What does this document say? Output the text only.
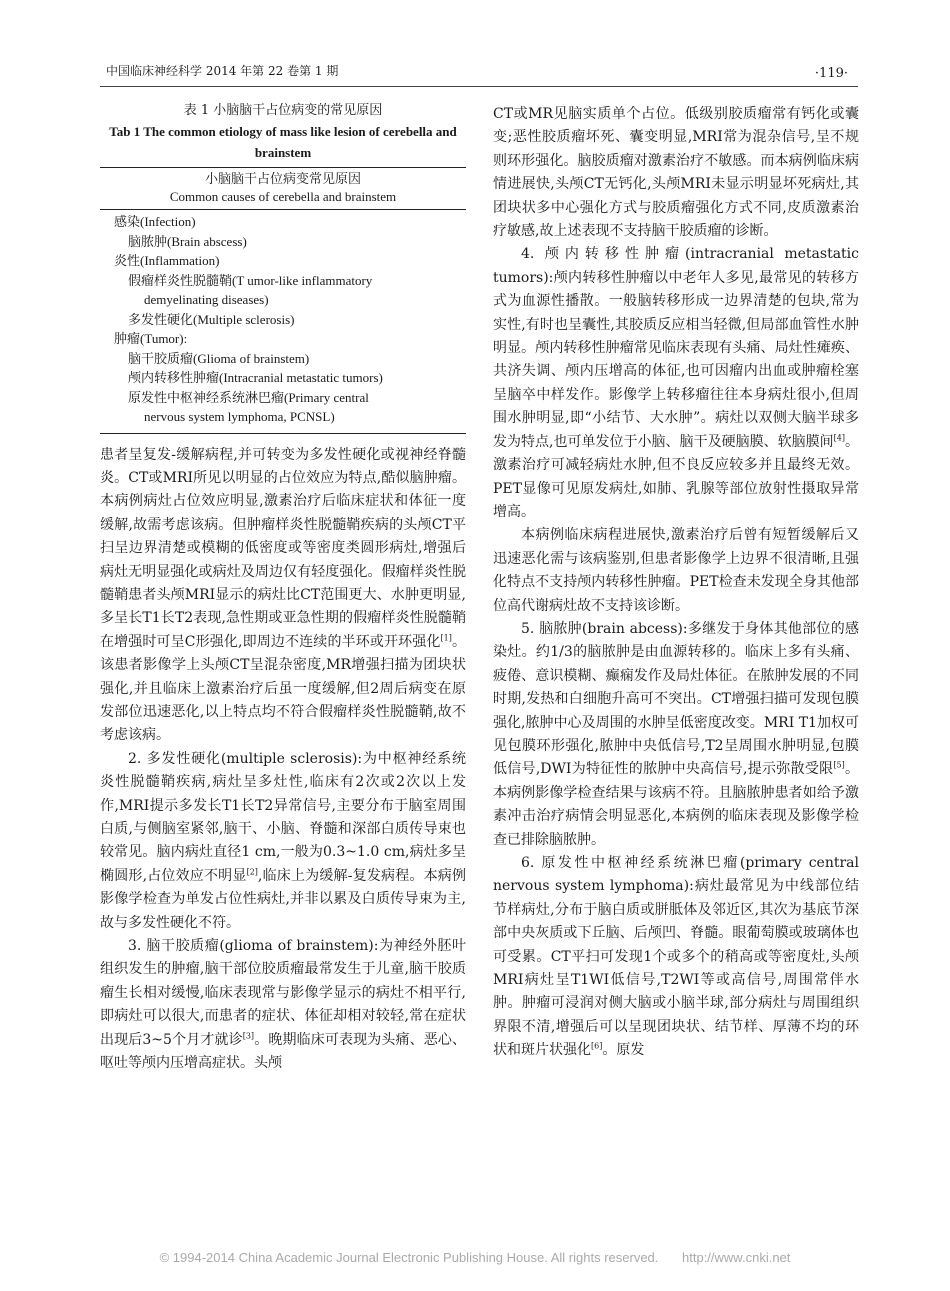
中国临床神经科学 2014 年第 22 卷第 1 期	·119·
表 1 小脑脑干占位病变的常见原因
Tab 1 The common etiology of mass like lesion of cerebella and brainstem
小脑脑干占位病变常见原因
Common causes of cerebella and brainstem
感染(Infection)
脑脓肿(Brain abscess)
炎性(Inflammation)
假瘤样炎性脱髓鞘(T umor-like inflammatory
demyelinating diseases)
多发性硬化(Multiple sclerosis)
肿瘤(Tumor):
脑干胶质瘤(Glioma of brainstem)
颅内转移性肿瘤(Intracranial metastatic tumors)
原发性中枢神经系统淋巴瘤(Primary central
nervous system lymphoma, PCNSL)

患者呈复发-缓解病程,并可转变为多发性硬化或视神经脊髓炎。CT或MRI所见以明显的占位效应为特点,酷似脑肿瘤。本病例病灶占位效应明显,激素治疗后临床症状和体征一度缓解,故需考虑该病。但肿瘤样炎性脱髓鞘疾病的头颅CT平扫呈边界清楚或模糊的低密度或等密度类圆形病灶,增强后病灶无明显强化或病灶及周边仅有轻度强化。假瘤样炎性脱髓鞘患者头颅MRI显示的病灶比CT范围更大、水肿更明显,多呈长T1长T2表现,急性期或亚急性期的假瘤样炎性脱髓鞘在增强时可呈C形强化,即周边不连续的半环或开环强化[1]。该患者影像学上头颅CT呈混杂密度,MR增强扫描为团块状强化,并且临床上激素治疗后虽一度缓解,但2周后病变在原发部位迅速恶化,以上特点均不符合假瘤样炎性脱髓鞘,故不考虑该病。

2. 多发性硬化(multiple sclerosis):为中枢神经系统炎性脱髓鞘疾病,病灶呈多灶性,临床有2次或2次以上发作,MRI提示多发长T1长T2异常信号,主要分布于脑室周围白质,与侧脑室紧邻,脑干、小脑、脊髓和深部白质传导束也较常见。脑内病灶直径1 cm,一般为0.3~1.0 cm,病灶多呈椭圆形,占位效应不明显[2],临床上为缓解-复发病程。本病例影像学检查为单发占位性病灶,并非以累及白质传导束为主,故与多发性硬化不符。

3. 脑干胶质瘤(glioma of brainstem):为神经外胚叶组织发生的肿瘤,脑干部位胶质瘤最常发生于儿童,脑干胶质瘤生长相对缓慢,临床表现常与影像学显示的病灶不相平行,即病灶可以很大,而患者的症状、体征却相对较轻,常在症状出现后3~5个月才就诊[3]。晚期临床可表现为头痛、恶心、呕吐等颅内压增高症状。头颅

CT或MR见脑实质单个占位。低级别胶质瘤常有钙化或囊变;恶性胶质瘤坏死、囊变明显,MRI常为混杂信号,呈不规则环形强化。脑胶质瘤对激素治疗不敏感。而本病例临床病情进展快,头颅CT无钙化,头颅MRI未显示明显坏死病灶,其团块状多中心强化方式与胶质瘤强化方式不同,皮质激素治疗敏感,故上述表现不支持脑干胶质瘤的诊断。

4. 颅内转移性肿瘤(intracranial metastatic tumors):颅内转移性肿瘤以中老年人多见,最常见的转移方式为血源性播散。一般脑转移形成一边界清楚的包块,常为实性,有时也呈囊性,其胶质反应相当轻微,但局部血管性水肿明显。颅内转移性肿瘤常见临床表现有头痛、局灶性瘫痪、共济失调、颅内压增高的体征,也可因瘤内出血或肿瘤栓塞呈脑卒中样发作。影像学上转移瘤往往本身病灶很小,但周围水肿明显,即“小结节、大水肿”。病灶以双侧大脑半球多发为特点,也可单发位于小脑、脑干及硬脑膜、软脑膜间[4]。激素治疗可减轻病灶水肿,但不良反应较多并且最终无效。PET显像可见原发病灶,如肺、乳腺等部位放射性摄取异常增高。

本病例临床病程进展快,激素治疗后曾有短暂缓解后又迅速恶化需与该病鉴别,但患者影像学上边界不很清晰,且强化特点不支持颅内转移性肿瘤。PET检查未发现全身其他部位高代谢病灶故不支持该诊断。

5. 脑脓肿(brain abcess):多继发于身体其他部位的感染灶。约1/3的脑脓肿是由血源转移的。临床上多有头痛、疲倦、意识模糊、癫痫发作及局灶体征。在脓肿发展的不同时期,发热和白细胞升高可不突出。CT增强扫描可发现包膜强化,脓肿中心及周围的水肿呈低密度改变。MRI T1加权可见包膜环形强化,脓肿中央低信号,T2呈周围水肿明显,包膜低信号,DWI为特征性的脓肿中央高信号,提示弥散受限[5]。本病例影像学检查结果与该病不符。且脑脓肿患者如给予激素冲击治疗病情会明显恶化,本病例的临床表现及影像学检查已排除脑脓肿。

6. 原发性中枢神经系统淋巴瘤(primary central nervous system lymphoma):病灶最常见为中线部位结节样病灶,分布于脑白质或胼胝体及邻近区,其次为基底节深部中央灰质或下丘脑、后颅凹、脊髓。眼葡萄膜或玻璃体也可受累。CT平扫可发现1个或多个的稍高或等密度灶,头颅MRI病灶呈T1WI低信号,T2WI等或高信号,周围常伴水肿。肿瘤可浸润对侧大脑或小脑半球,部分病灶与周围组织界限不清,增强后可以呈现团块状、结节样、厚薄不均的环状和斑片状强化[6]。原发

© 1994-2014 China Academic Journal Electronic Publishing House. All rights reserved. http://www.cnki.net
